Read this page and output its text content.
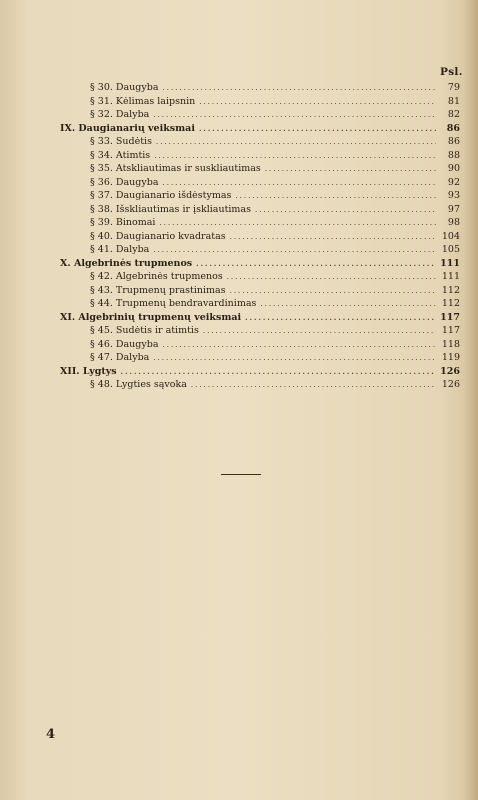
Psl.
§ 30. Daugyba .....	79
§ 31. Kėlimas laipsnin .....	81
§ 32. Dalyba .....	82
IX. Daugianarių veiksmai .....	86
§ 33. Sudėtis .....	86
§ 34. Atimtis .....	88
§ 35. Atskliautimas ir suskliautimas .....	90
§ 36. Daugyba .....	92
§ 37. Daugianario išdėstymas .....	93
§ 38. Išskliautimas ir įskliautimas .....	97
§ 39. Binomai .....	98
§ 40. Daugianario kvadratas .....	104
§ 41. Dalyba .....	105
X. Algebrinės trupmenos .....	111
§ 42. Algebrinės trupmenos .....	111
§ 43. Trupmenų prastinimas .....	112
§ 44. Trupmenų bendravardinimas .....	112
XI. Algebrinių trupmenų veiksmai .....	117
§ 45. Sudėtis ir atimtis .....	117
§ 46. Daugyba .....	118
§ 47. Dalyba .....	119
XII. Lygtys .....	126
§ 48. Lygties sąvoka .....	126
4
